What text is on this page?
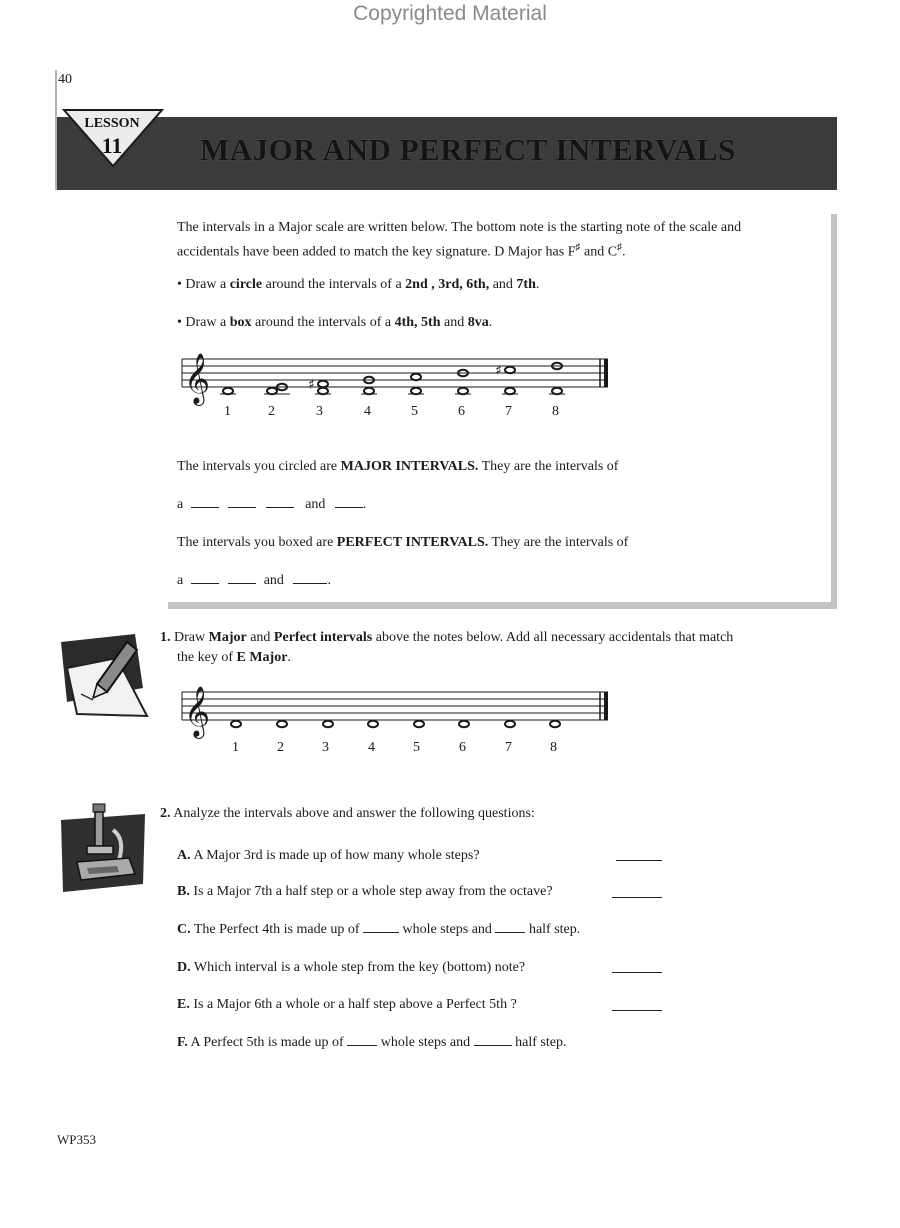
Copyrighted Material
40
LESSON
11	MAJOR AND PERFECT INTERVALS
The intervals in a Major scale are written below. The bottom note is the starting note of the scale and
accidentals have been added to match the key signature. D Major has F♯ and C♯.
• Draw a circle around the intervals of a 2nd , 3rd, 6th, and 7th.
• Draw a box around the intervals of a 4th, 5th and 8va.
𝄞	♯
♯
1	2	3	4	5	6	7	8
The intervals you circled are MAJOR INTERVALS. They are the intervals of
a	and	.
The intervals you boxed are PERFECT INTERVALS. They are the intervals of
a	and	.
1. Draw Major and Perfect intervals above the notes below. Add all necessary accidentals that match
the key of E Major.
𝄞
1	2	3	4	5	6	7	8
2. Analyze the intervals above and answer the following questions:
A. A Major 3rd is made up of how many whole steps?
B. Is a Major 7th a half step or a whole step away from the octave?
C. The Perfect 4th is made up of	whole steps and	half step.
D. Which interval is a whole step from the key (bottom) note?
E. Is a Major 6th a whole or a half step above a Perfect 5th ?
F. A Perfect 5th is made up of	whole steps and	half step.
WP353
